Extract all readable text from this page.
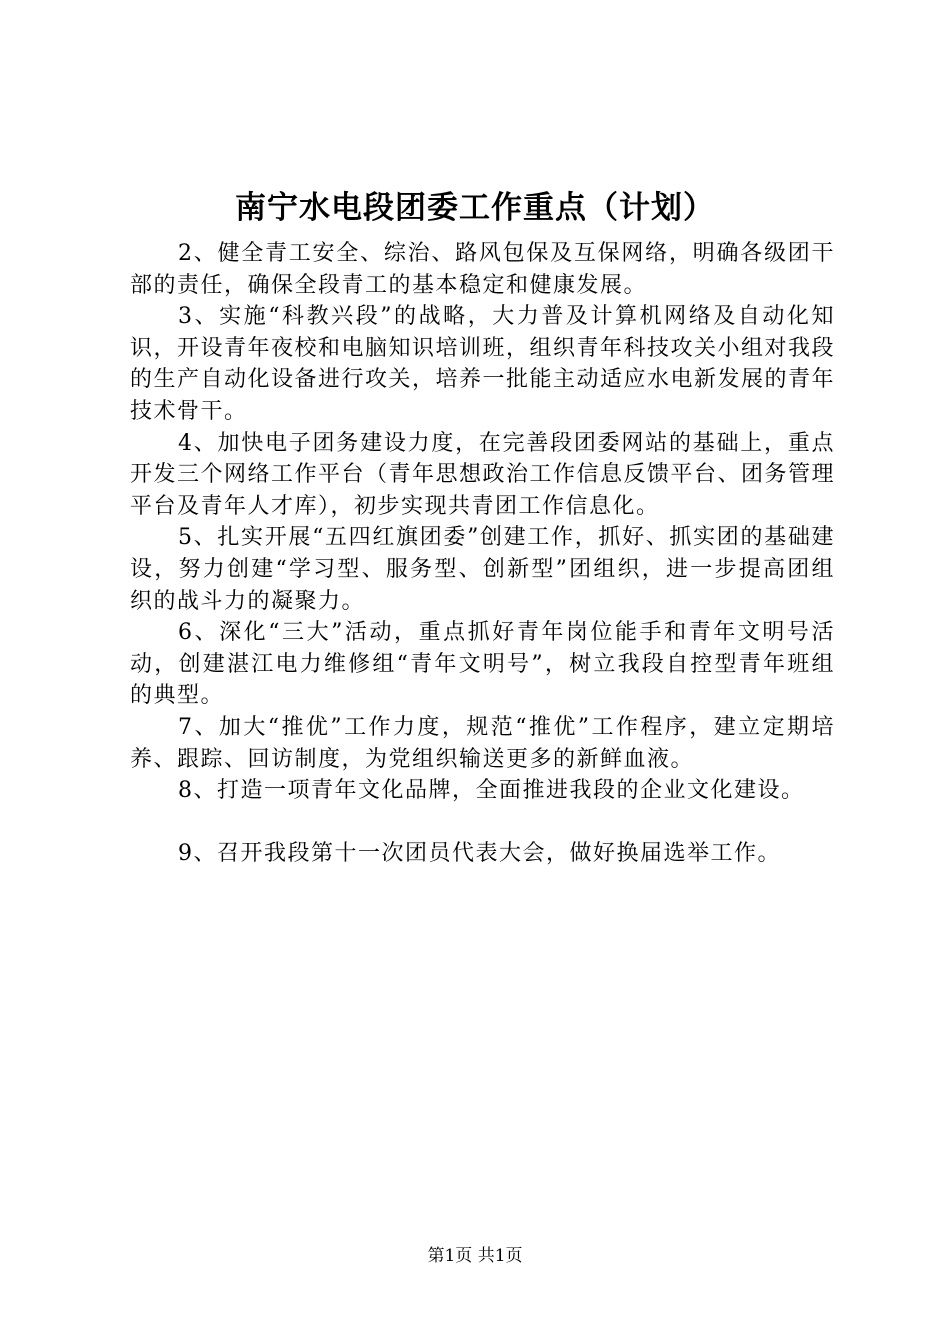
南宁水电段团委工作重点（计划）

2、健全青工安全、综治、路风包保及互保网络，明确各级团干部的责任，确保全段青工的基本稳定和健康发展。

3、实施“科教兴段”的战略，大力普及计算机网络及自动化知识，开设青年夜校和电脑知识培训班，组织青年科技攻关小组对我段的生产自动化设备进行攻关，培养一批能主动适应水电新发展的青年技术骨干。

4、加快电子团务建设力度，在完善段团委网站的基础上，重点开发三个网络工作平台（青年思想政治工作信息反馈平台、团务管理平台及青年人才库），初步实现共青团工作信息化。

5、扎实开展“五四红旗团委”创建工作，抓好、抓实团的基础建设，努力创建“学习型、服务型、创新型”团组织，进一步提高团组织的战斗力的凝聚力。

6、深化“三大”活动，重点抓好青年岗位能手和青年文明号活动，创建湛江电力维修组“青年文明号”，树立我段自控型青年班组的典型。

7、加大“推优”工作力度，规范“推优”工作程序，建立定期培养、跟踪、回访制度，为党组织输送更多的新鲜血液。

8、打造一项青年文化品牌，全面推进我段的企业文化建设。

9、召开我段第十一次团员代表大会，做好换届选举工作。

第1页 共1页
